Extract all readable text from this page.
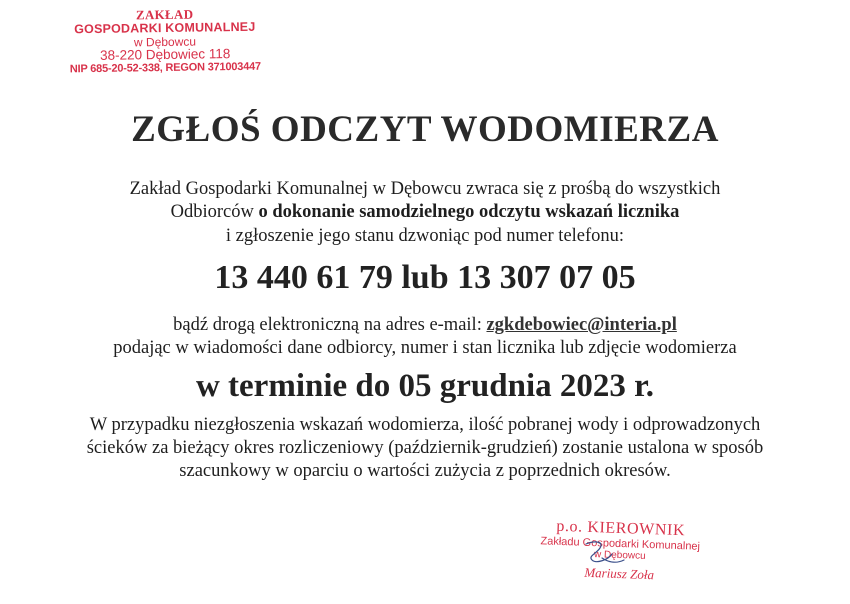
ZAKŁAD
GOSPODARKI KOMUNALNEJ
w Dębowcu
38-220 Dębowiec 118
NIP 685-20-52-338, REGON 371003447
ZGŁOŚ ODCZYT WODOMIERZA
Zakład Gospodarki Komunalnej w Dębowcu zwraca się z prośbą do wszystkich
Odbiorców o dokonanie samodzielnego odczytu wskazań licznika
i zgłoszenie jego stanu dzwoniąc pod numer telefonu:
13 440 61 79 lub 13 307 07 05
bądź drogą elektroniczną na adres e-mail: zgkdebowiec@interia.pl
podając w wiadomości dane odbiorcy, numer i stan licznika lub zdjęcie wodomierza
w terminie do 05 grudnia 2023 r.
W przypadku niezgłoszenia wskazań wodomierza, ilość pobranej wody i odprowadzonych
ścieków za bieżący okres rozliczeniowy (październik-grudzień) zostanie ustalona w sposób
szacunkowy w oparciu o wartości zużycia z poprzednich okresów.
p.o. KIEROWNIK
Zakładu Gospodarki Komunalnej
w Dębowcu
Mariusz Zoła
